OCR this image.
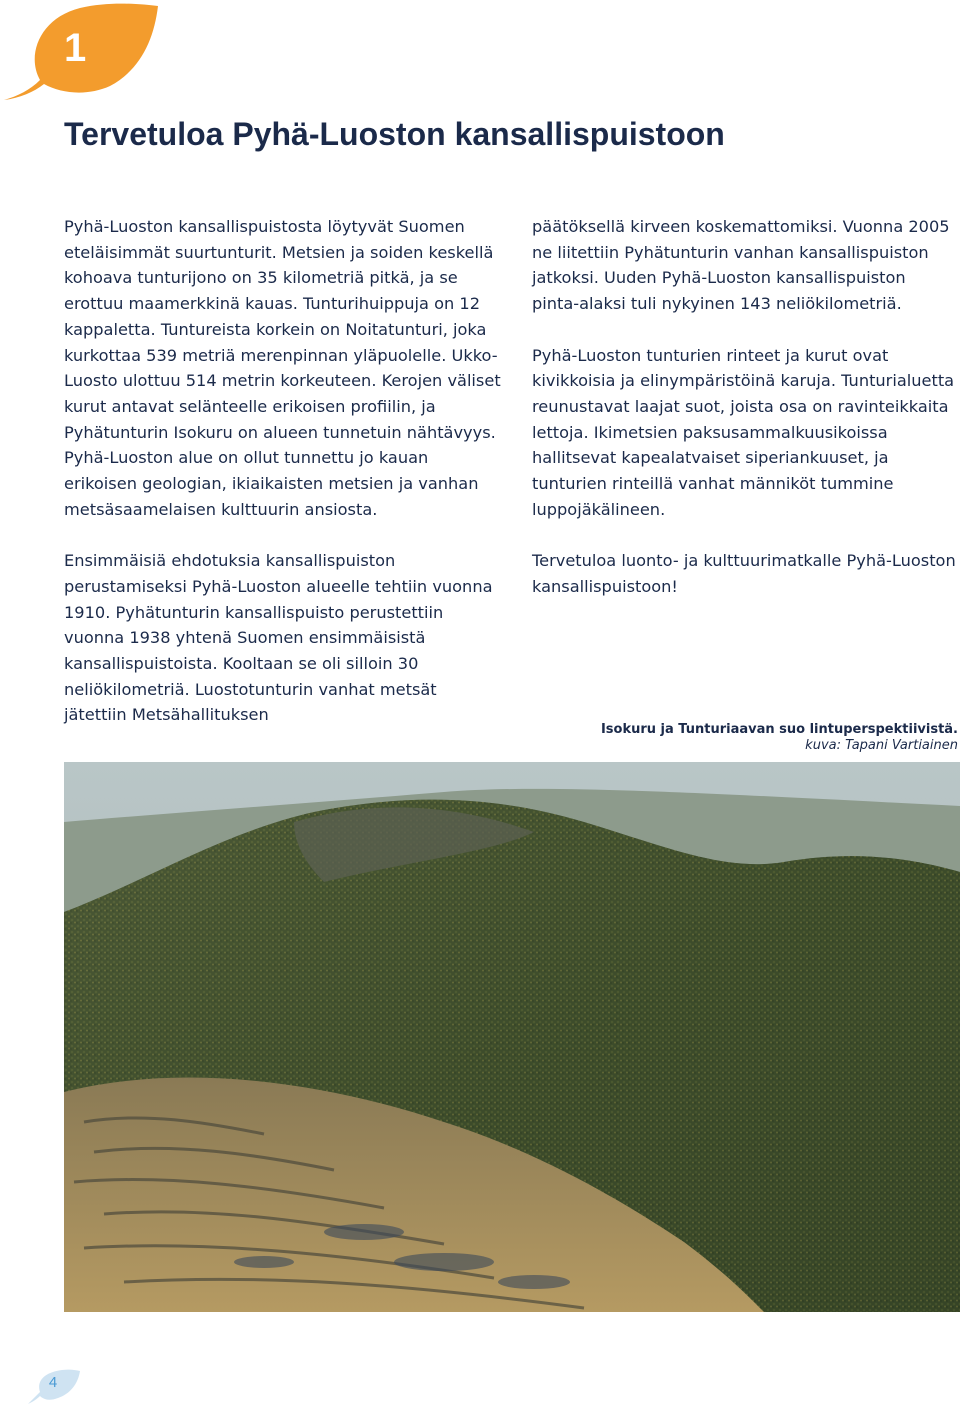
1
Tervetuloa Pyhä-Luoston kansallispuistoon

Pyhä-Luoston kansallispuistosta löytyvät Suomen eteläisimmät suurtunturit. Metsien ja soiden keskellä kohoava tunturijono on 35 kilometriä pitkä, ja se erottuu maamerkkinä kauas. Tunturihuippuja on 12 kappaletta. Tuntureista korkein on Noitatunturi, joka kurkottaa 539 metriä merenpinnan yläpuolelle. Ukko-Luosto ulottuu 514 metrin korkeuteen. Kerojen väliset kurut antavat selänteelle erikoisen profiilin, ja Pyhätunturin Isokuru on alueen tunnetuin nähtävyys. Pyhä-Luoston alue on ollut tunnettu jo kauan erikoisen geologian, ikiaikaisten metsien ja vanhan metsäsaamelaisen kulttuurin ansiosta.

Ensimmäisiä ehdotuksia kansallispuiston perustamiseksi Pyhä-Luoston alueelle tehtiin vuonna 1910. Pyhätunturin kansallispuisto perustettiin vuonna 1938 yhtenä Suomen ensimmäisistä kansallispuistoista. Kooltaan se oli silloin 30 neliökilometriä. Luostotunturin vanhat metsät jätettiin Metsähallituksen

päätöksellä kirveen koskemattomiksi. Vuonna 2005 ne liitettiin Pyhätunturin vanhan kansallispuiston jatkoksi. Uuden Pyhä-Luoston kansallispuiston pinta-alaksi tuli nykyinen 143 neliökilometriä.

Pyhä-Luoston tunturien rinteet ja kurut ovat kivikkoisia ja elinympäristöinä karuja. Tunturialuetta reunustavat laajat suot, joista osa on ravinteikkaita lettoja. Ikimetsien paksusammalkuusikoissa hallitsevat kapealatvaiset siperiankuuset, ja tunturien rinteillä vanhat männiköt tummine luppojäkälineen.

Tervetuloa luonto- ja kulttuurimatkalle Pyhä-Luoston kansallispuistoon!

Isokuru ja Tunturiaavan suo lintuperspektiivistä.
kuva: Tapani Vartiainen
4
